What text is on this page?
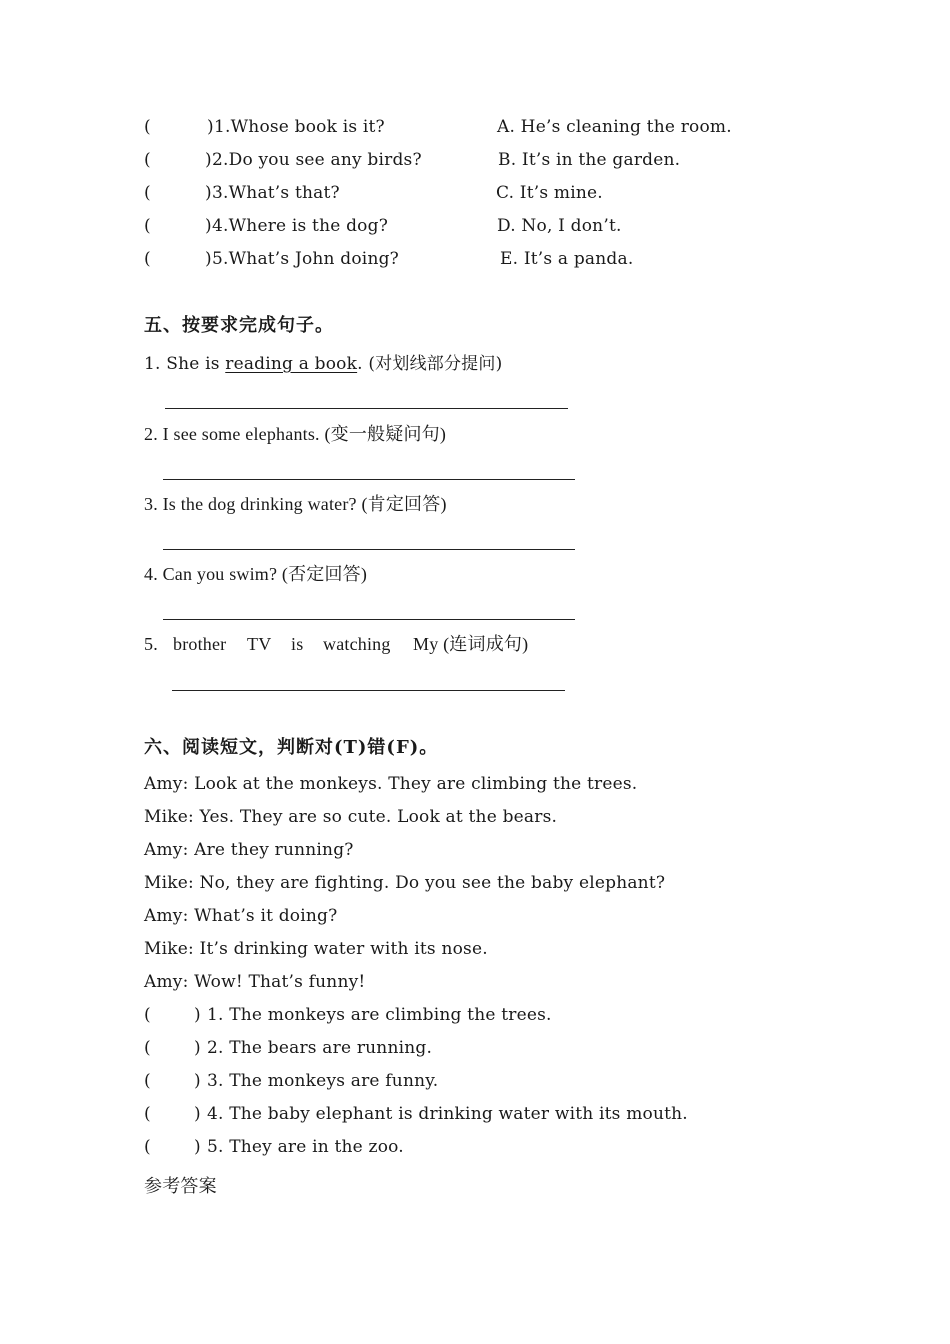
(	) 1.Whose book is it?	A. He’s cleaning the room.
(	) 2.Do you see any birds?	B. It’s in the garden.
(	) 3.What’s that?	C. It’s mine.
(	) 4.Where is the dog?	D. No, I don’t.
(	) 5.What’s John doing?	E. It’s a panda.
五、按要求完成句子。
1. She is reading a book. (对划线部分提问)
2. I see some elephants. (变一般疑问句)
3. Is the dog drinking water? (肯定回答)
4. Can you swim? (否定回答)
5. brother TV is watching My (连词成句)
六、阅读短文，判断对(T)错(F)。
Amy: Look at the monkeys. They are climbing the trees.
Mike: Yes. They are so cute. Look at the bears.
Amy: Are they running?
Mike: No, they are fighting. Do you see the baby elephant?
Amy: What’s it doing?
Mike: It’s drinking water with its nose.
Amy: Wow! That’s funny!
(	) 1. The monkeys are climbing the trees.
(	) 2. The bears are running.
(	) 3. The monkeys are funny.
(	) 4. The baby elephant is drinking water with its mouth.
(	) 5. They are in the zoo.
参考答案
